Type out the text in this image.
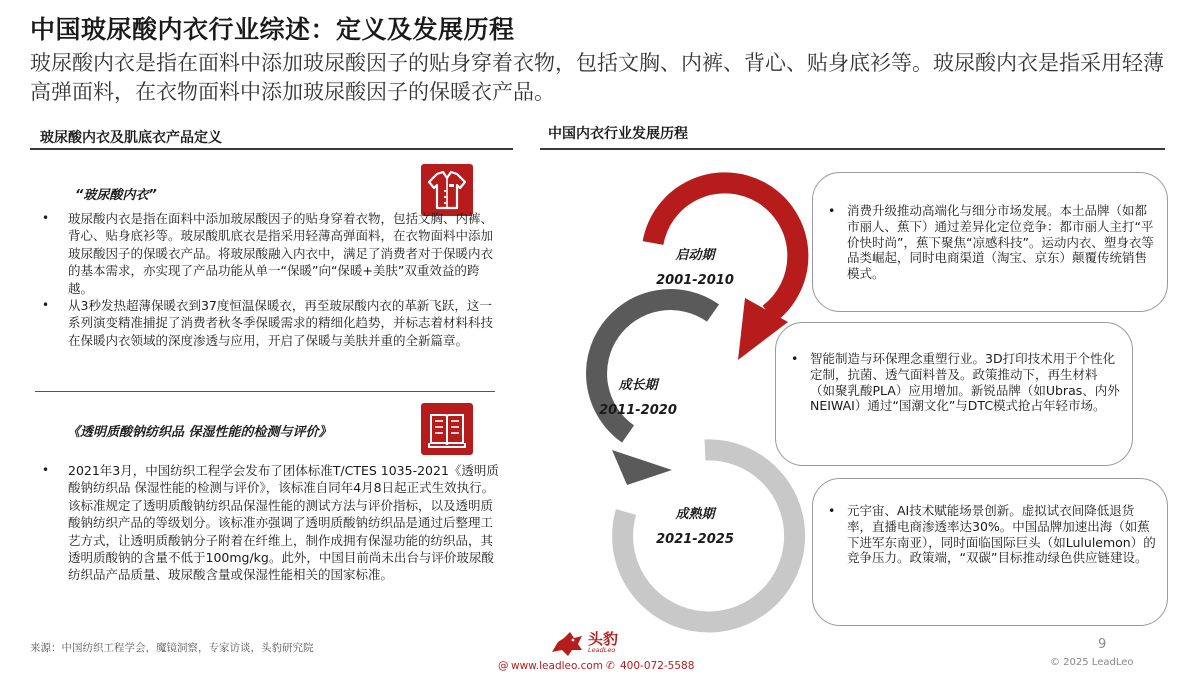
中国玻尿酸内衣行业综述：定义及发展历程
玻尿酸内衣是指在面料中添加玻尿酸因子的贴身穿着衣物，包括文胸、内裤、背心、贴身底衫等。玻尿酸内衣是指采用轻薄高弹面料，在衣物面料中添加玻尿酸因子的保暖衣产品。
玻尿酸内衣及肌底衣产品定义
“玻尿酸内衣”
• 玻尿酸内衣是指在面料中添加玻尿酸因子的贴身穿着衣物，包括文胸、内裤、背心、贴身底衫等。玻尿酸肌底衣是指采用轻薄高弹面料，在衣物面料中添加玻尿酸因子的保暖衣产品。将玻尿酸融入内衣中，满足了消费者对于保暖内衣的基本需求，亦实现了产品功能从单一“保暖”向“保暖+美肤”双重效益的跨越。
• 从3秒发热超薄保暖衣到37度恒温保暖衣，再至玻尿酸内衣的革新飞跃，这一系列演变精准捕捉了消费者秋冬季保暖需求的精细化趋势，并标志着材料科技在保暖内衣领域的深度渗透与应用，开启了保暖与美肤并重的全新篇章。
《透明质酸钠纺织品 保湿性能的检测与评价》
• 2021年3月，中国纺织工程学会发布了团体标准T/CTES 1035-2021《透明质酸钠纺织品 保湿性能的检测与评价》，该标准自同年4月8日起正式生效执行。该标准规定了透明质酸钠纺织品保湿性能的测试方法与评价指标，以及透明质酸钠纺织产品的等级划分。该标准亦强调了透明质酸钠纺织品是通过后整理工艺方式，让透明质酸钠分子附着在纤维上，制作成拥有保湿功能的纺织品，其透明质酸钠的含量不低于100mg/kg。此外，中国目前尚未出台与评价玻尿酸纺织品产品质量、玻尿酸含量或保湿性能相关的国家标准。
中国内衣行业发展历程
启动期
2001-2010
成长期
2011-2020
成熟期
2021-2025
• 消费升级推动高端化与细分市场发展。本土品牌（如都市丽人、蕉下）通过差异化定位竞争：都市丽人主打“平价快时尚”，蕉下聚焦“凉感科技”。运动内衣、塑身衣等品类崛起，同时电商渠道（淘宝、京东）颠覆传统销售模式。
• 智能制造与环保理念重塑行业。3D打印技术用于个性化定制，抗菌、透气面料普及。政策推动下，再生材料（如聚乳酸PLA）应用增加。新锐品牌（如Ubras、内外NEIWAI）通过“国潮文化”与DTC模式抢占年轻市场。
• 元宇宙、AI技术赋能场景创新。虚拟试衣间降低退货率，直播电商渗透率达30%。中国品牌加速出海（如蕉下进军东南亚），同时面临国际巨头（如Lululemon）的竞争压力。政策端，“双碳”目标推动绿色供应链建设。
来源：中国纺织工程学会，魔镜洞察，专家访谈，头豹研究院	头豹
LeadLeo
@ www.leadleo.com ✆ 400-072-5588
9
© 2025 LeadLeo
